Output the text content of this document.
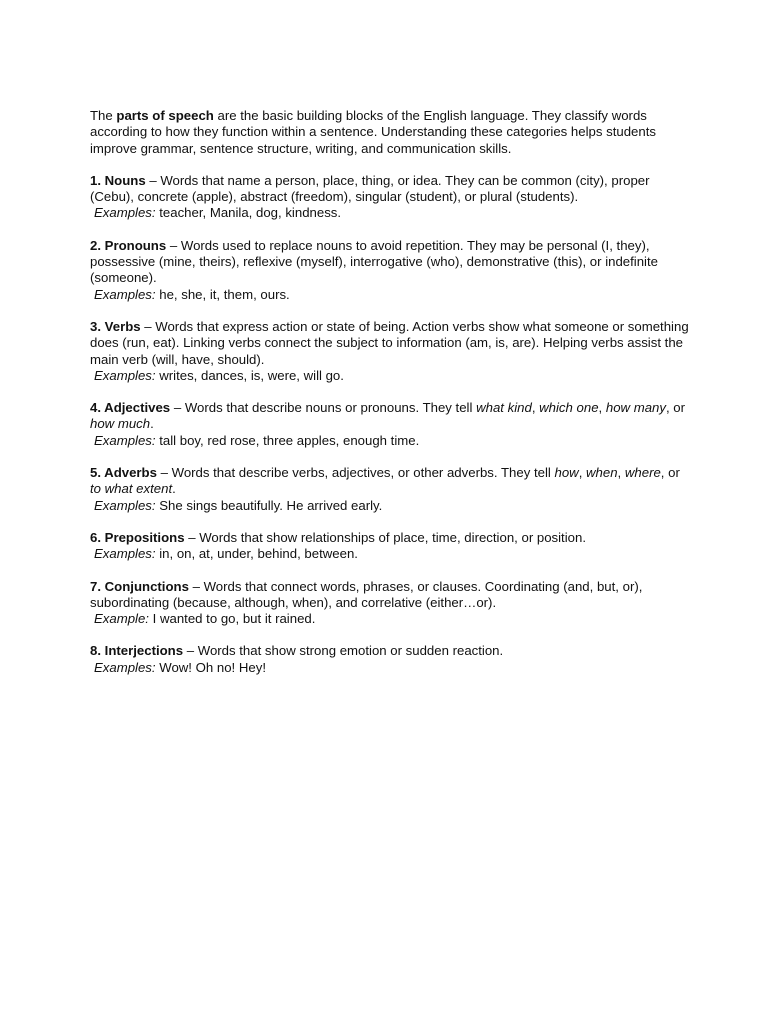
The parts of speech are the basic building blocks of the English language. They classify words according to how they function within a sentence. Understanding these categories helps students improve grammar, sentence structure, writing, and communication skills.

1. Nouns – Words that name a person, place, thing, or idea. They can be common (city), proper (Cebu), concrete (apple), abstract (freedom), singular (student), or plural (students).
Examples: teacher, Manila, dog, kindness.
2. Pronouns – Words used to replace nouns to avoid repetition. They may be personal (I, they), possessive (mine, theirs), reflexive (myself), interrogative (who), demonstrative (this), or indefinite (someone).
Examples: he, she, it, them, ours.
3. Verbs – Words that express action or state of being. Action verbs show what someone or something does (run, eat). Linking verbs connect the subject to information (am, is, are). Helping verbs assist the main verb (will, have, should).
Examples: writes, dances, is, were, will go.
4. Adjectives – Words that describe nouns or pronouns. They tell what kind, which one, how many, or how much.
Examples: tall boy, red rose, three apples, enough time.
5. Adverbs – Words that describe verbs, adjectives, or other adverbs. They tell how, when, where, or to what extent.
Examples: She sings beautifully. He arrived early.
6. Prepositions – Words that show relationships of place, time, direction, or position.
Examples: in, on, at, under, behind, between.
7. Conjunctions – Words that connect words, phrases, or clauses. Coordinating (and, but, or), subordinating (because, although, when), and correlative (either…or).
Example: I wanted to go, but it rained.
8. Interjections – Words that show strong emotion or sudden reaction.
Examples: Wow! Oh no! Hey!
